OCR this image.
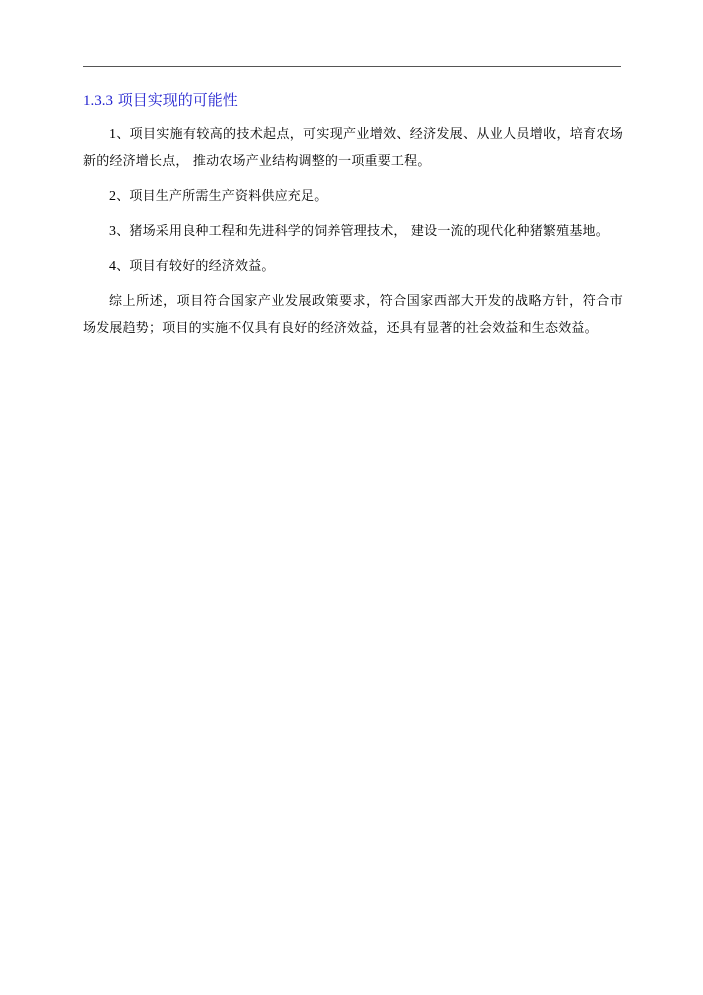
1.3.3 项目实现的可能性

1、项目实施有较高的技术起点，可实现产业增效、经济发展、从业人员增收，培育农场新的经济增长点， 推动农场产业结构调整的一项重要工程。

2、项目生产所需生产资料供应充足。

3、猪场采用良种工程和先进科学的饲养管理技术， 建设一流的现代化种猪繁殖基地。

4、项目有较好的经济效益。

综上所述，项目符合国家产业发展政策要求，符合国家西部大开发的战略方针，符合市场发展趋势；项目的实施不仅具有良好的经济效益，还具有显著的社会效益和生态效益。
